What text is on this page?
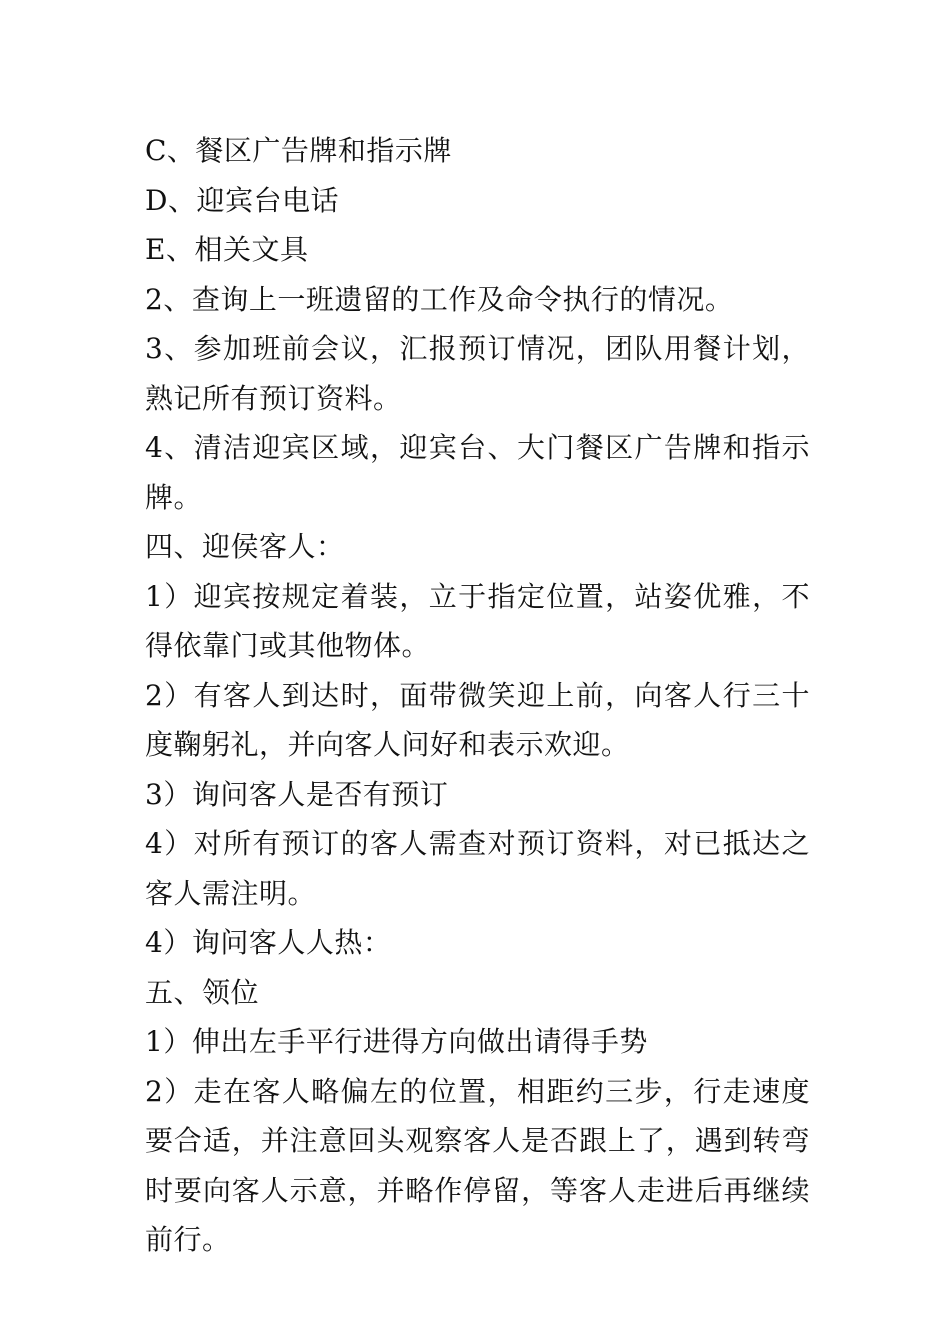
C、餐区广告牌和指示牌

D、迎宾台电话

E、相关文具

2、查询上一班遗留的工作及命令执行的情况。

3、参加班前会议，汇报预订情况，团队用餐计划，熟记所有预订资料。

4、清洁迎宾区域，迎宾台、大门餐区广告牌和指示牌。

四、迎侯客人：

1）迎宾按规定着装，立于指定位置，站姿优雅，不得依靠门或其他物体。

2）有客人到达时，面带微笑迎上前，向客人行三十度鞠躬礼，并向客人问好和表示欢迎。

3）询问客人是否有预订

4）对所有预订的客人需查对预订资料，对已抵达之客人需注明。

4）询问客人人热：

五、领位

1）伸出左手平行进得方向做出请得手势

2）走在客人略偏左的位置，相距约三步，行走速度要合适，并注意回头观察客人是否跟上了，遇到转弯时要向客人示意，并略作停留，等客人走进后再继续前行。
